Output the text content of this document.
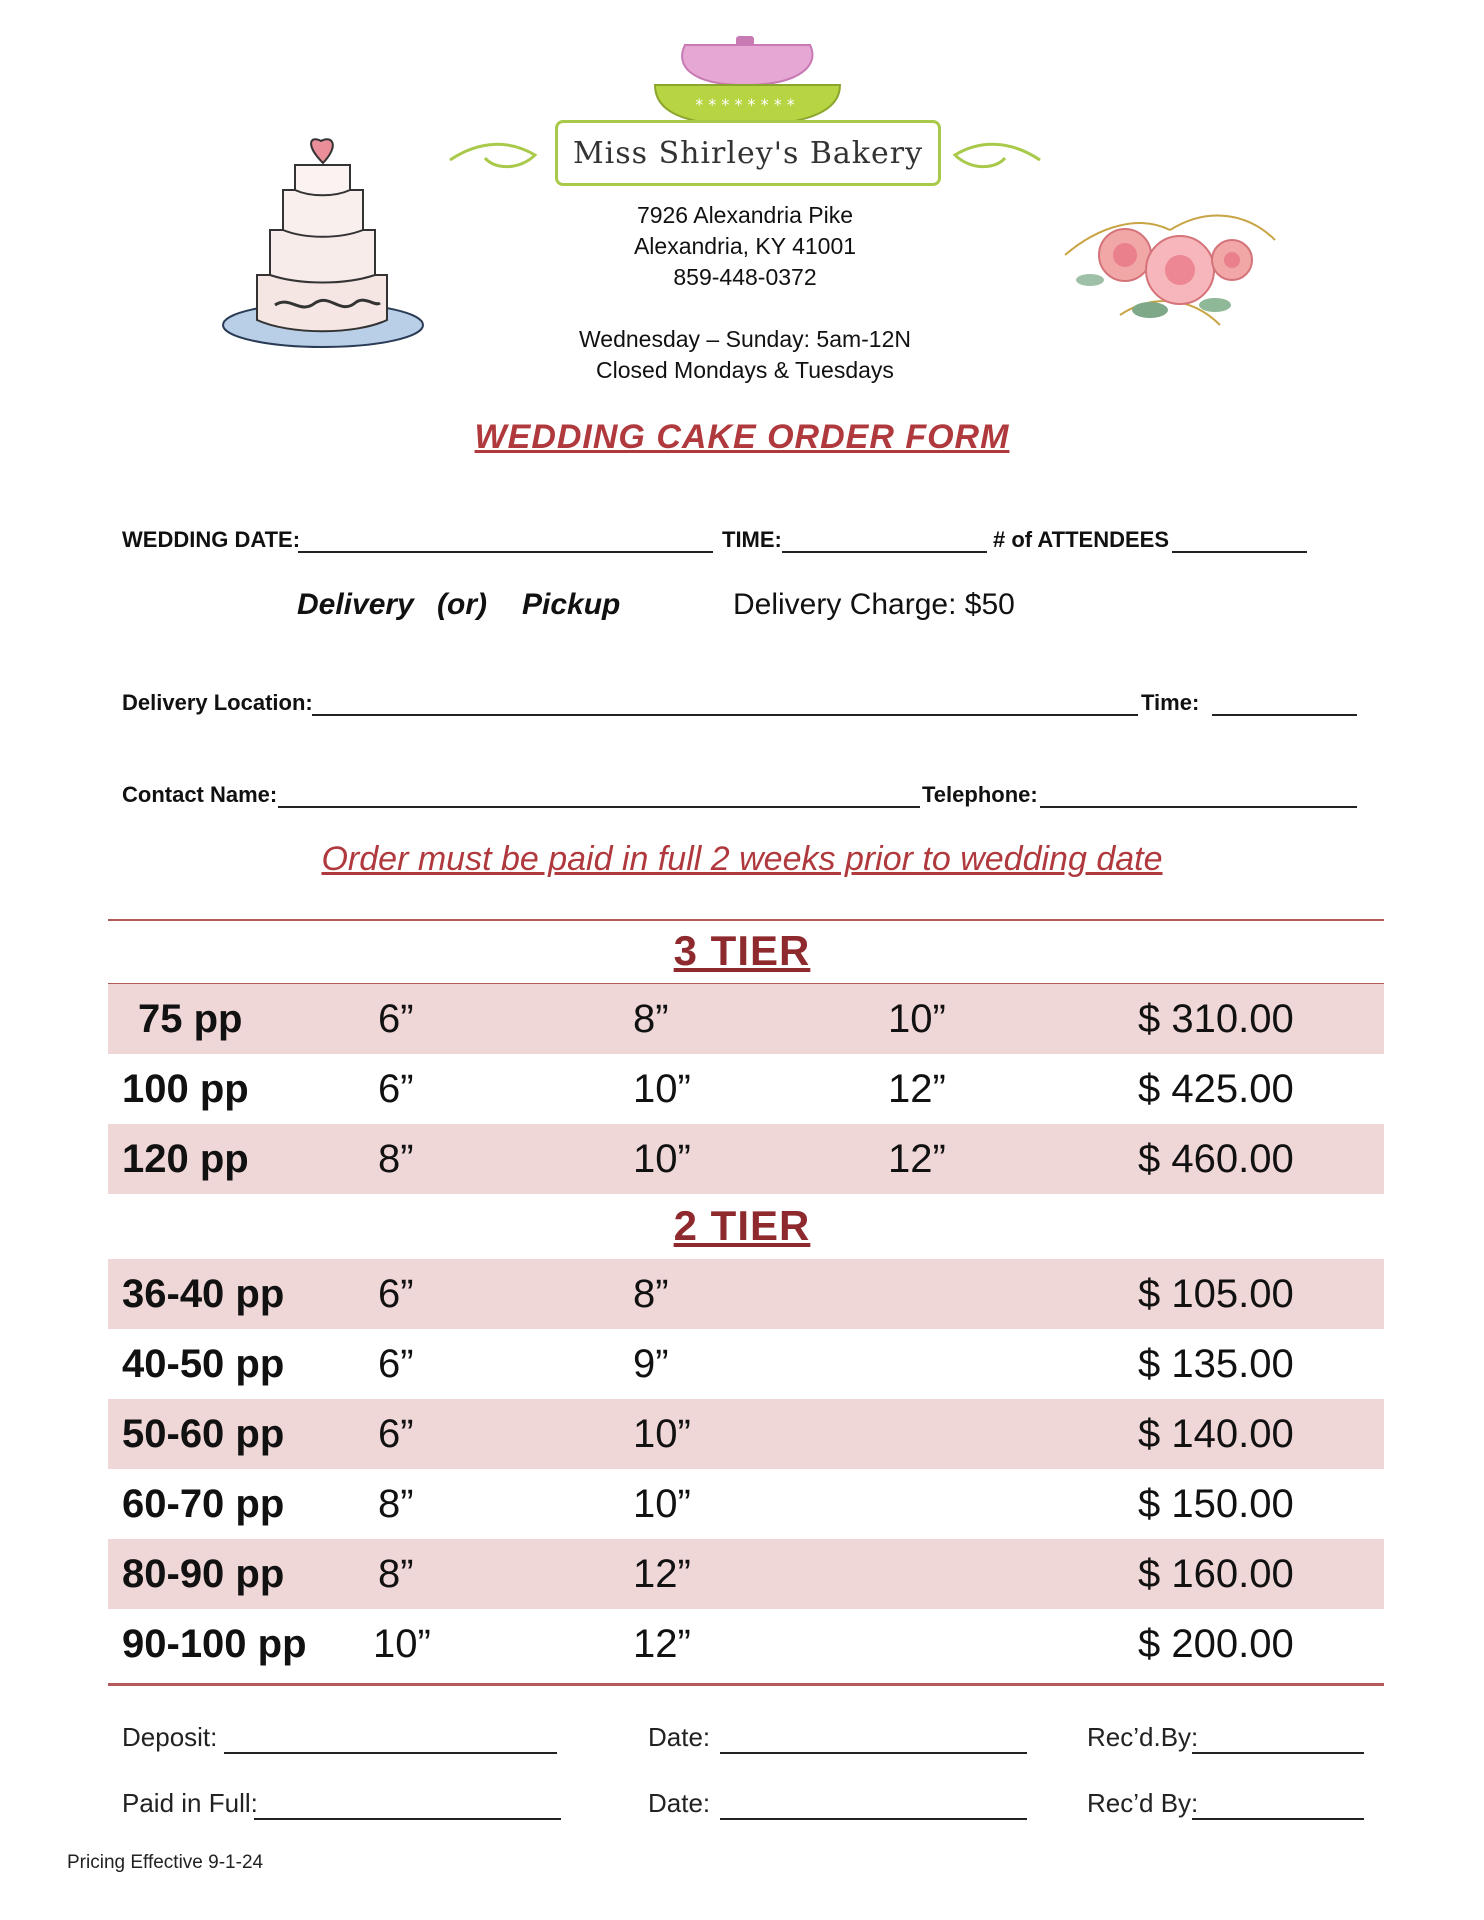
* * * * * * * *
Miss Shirley's Bakery
7926 Alexandria Pike
Alexandria, KY 41001
859-448-0372
Wednesday – Sunday: 5am-12N
Closed Mondays & Tuesdays
WEDDING CAKE ORDER FORM
WEDDING DATE:	TIME:	# of ATTENDEES
Delivery (or) Pickup	Delivery Charge: $50
Delivery Location:	Time:
Contact Name:	Telephone:
Order must be paid in full 2 weeks prior to wedding date
3 TIER
75 pp	6”	8”	10”	$ 310.00
100 pp	6”	10”	12”	$ 425.00
120 pp	8”	10”	12”	$ 460.00
2 TIER
36-40 pp 6”	8”	$ 105.00
40-50 pp 6”	9”	$ 135.00
50-60 pp 6”	10”	$ 140.00
60-70 pp 8”	10”	$ 150.00
80-90 pp 8”	12”	$ 160.00
90-100 pp 10”	12”	$ 200.00
Deposit:	Date:	Rec’d.By:
Paid in Full:	Date:	Rec’d By:
Pricing Effective 9-1-24
